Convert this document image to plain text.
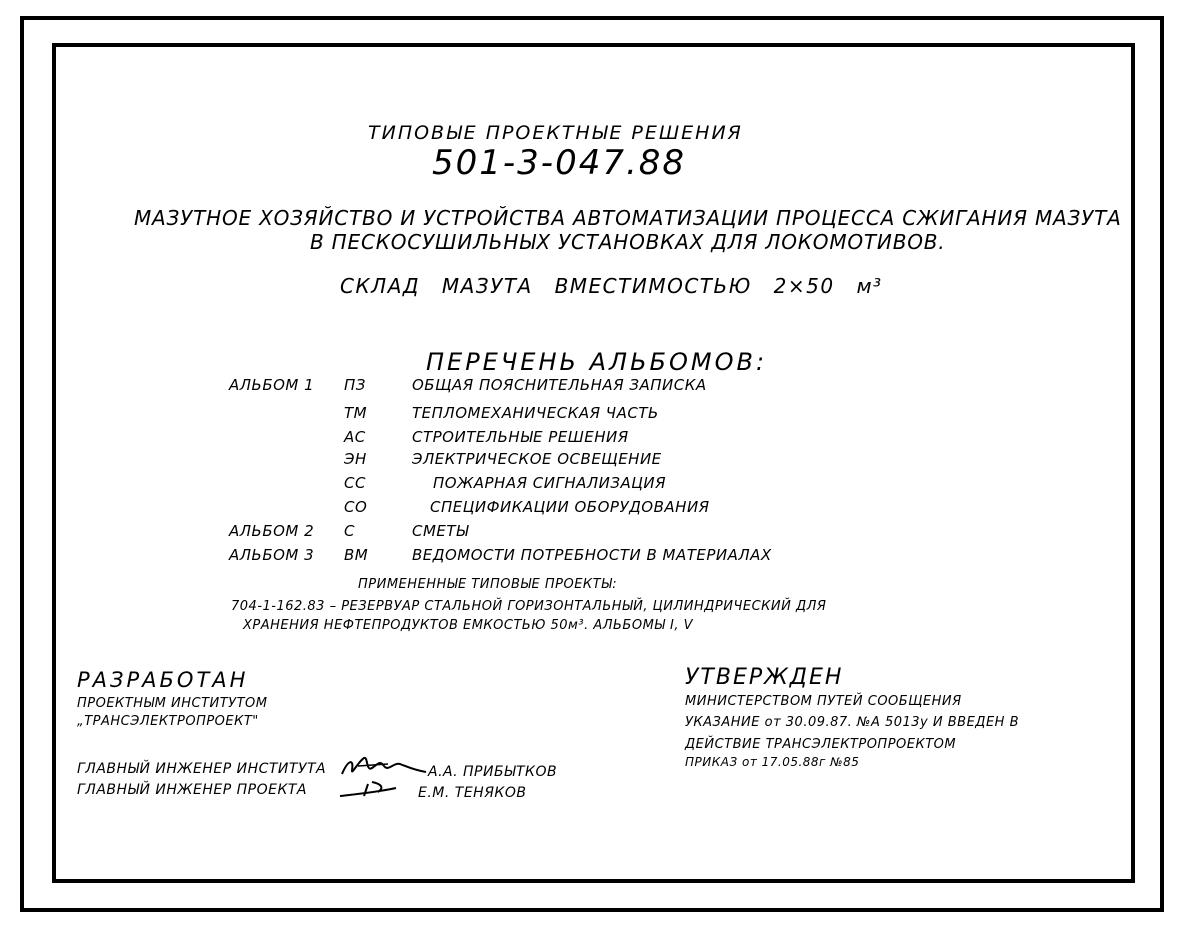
ТИПОВЫЕ ПРОЕКТНЫЕ РЕШЕНИЯ
501-3-047.88
МАЗУТНОЕ ХОЗЯЙСТВО И УСТРОЙСТВА АВТОМАТИЗАЦИИ ПРОЦЕССА СЖИГАНИЯ МАЗУТА
В ПЕСКОСУШИЛЬНЫХ УСТАНОВКАХ ДЛЯ ЛОКОМОТИВОВ.
СКЛАД МАЗУТА ВМЕСТИМОСТЬЮ 2×50 м³
ПЕРЕЧЕНЬ АЛЬБОМОВ:
АЛЬБОМ 1 ПЗ	ОБЩАЯ ПОЯСНИТЕЛЬНАЯ ЗАПИСКА
ТМ	ТЕПЛОМЕХАНИЧЕСКАЯ ЧАСТЬ
АС	СТРОИТЕЛЬНЫЕ РЕШЕНИЯ
ЭН	ЭЛЕКТРИЧЕСКОЕ ОСВЕЩЕНИЕ
СС	ПОЖАРНАЯ СИГНАЛИЗАЦИЯ
СО	СПЕЦИФИКАЦИИ ОБОРУДОВАНИЯ
АЛЬБОМ 2 С	СМЕТЫ
АЛЬБОМ 3 ВМ	ВЕДОМОСТИ ПОТРЕБНОСТИ В МАТЕРИАЛАХ
ПРИМЕНЕННЫЕ ТИПОВЫЕ ПРОЕКТЫ:
704-1-162.83 – РЕЗЕРВУАР СТАЛЬНОЙ ГОРИЗОНТАЛЬНЫЙ, ЦИЛИНДРИЧЕСКИЙ ДЛЯ
ХРАНЕНИЯ НЕФТЕПРОДУКТОВ ЕМКОСТЬЮ 50м³. АЛЬБОМЫ I, V
РАЗРАБОТАН
ПРОЕКТНЫМ ИНСТИТУТОМ
„ТРАНСЭЛЕКТРОПРОЕКТ"
ГЛАВНЫЙ ИНЖЕНЕР ИНСТИТУТА	А.А. ПРИБЫТКОВ
ГЛАВНЫЙ ИНЖЕНЕР ПРОЕКТА	Е.М. ТЕНЯКОВ
УТВЕРЖДЕН
МИНИСТЕРСТВОМ ПУТЕЙ СООБЩЕНИЯ
УКАЗАНИЕ от 30.09.87. №А 5013у И ВВЕДЕН В
ДЕЙСТВИЕ ТРАНСЭЛЕКТРОПРОЕКТОМ
ПРИКАЗ от 17.05.88г №85
